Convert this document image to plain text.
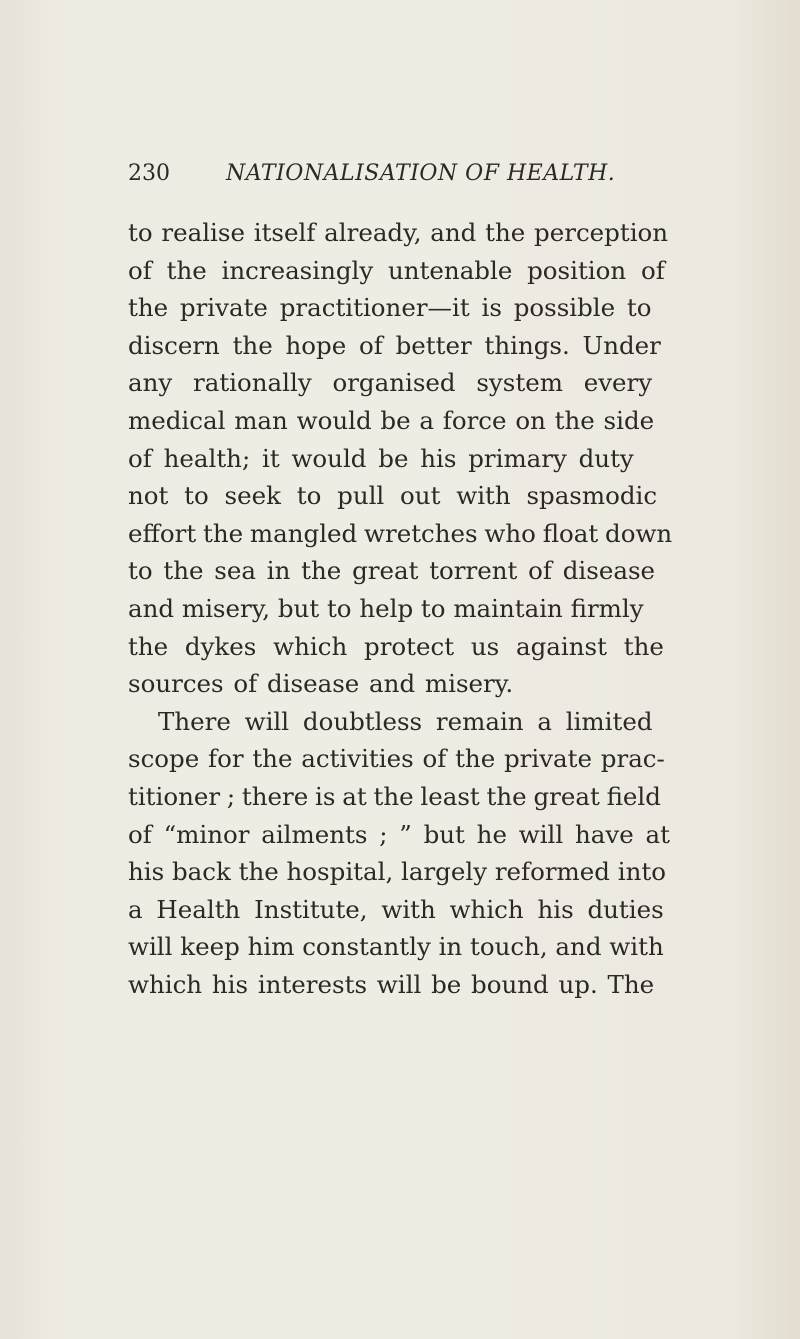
230	NATIONALISATION OF HEALTH.
to realise itself already, and the perception
of the increasingly untenable position of
the private practitioner—it is possible to
discern the hope of better things. Under
any rationally organised system every
medical man would be a force on the side
of health; it would be his primary duty
not to seek to pull out with spasmodic
effort the mangled wretches who float down
to the sea in the great torrent of disease
and misery, but to help to maintain firmly
the dykes which protect us against the
sources of disease and misery.
There will doubtless remain a limited
scope for the activities of the private prac-
titioner ; there is at the least the great field
of “minor ailments ; ” but he will have at
his back the hospital, largely reformed into
a Health Institute, with which his duties
will keep him constantly in touch, and with
which his interests will be bound up. The
